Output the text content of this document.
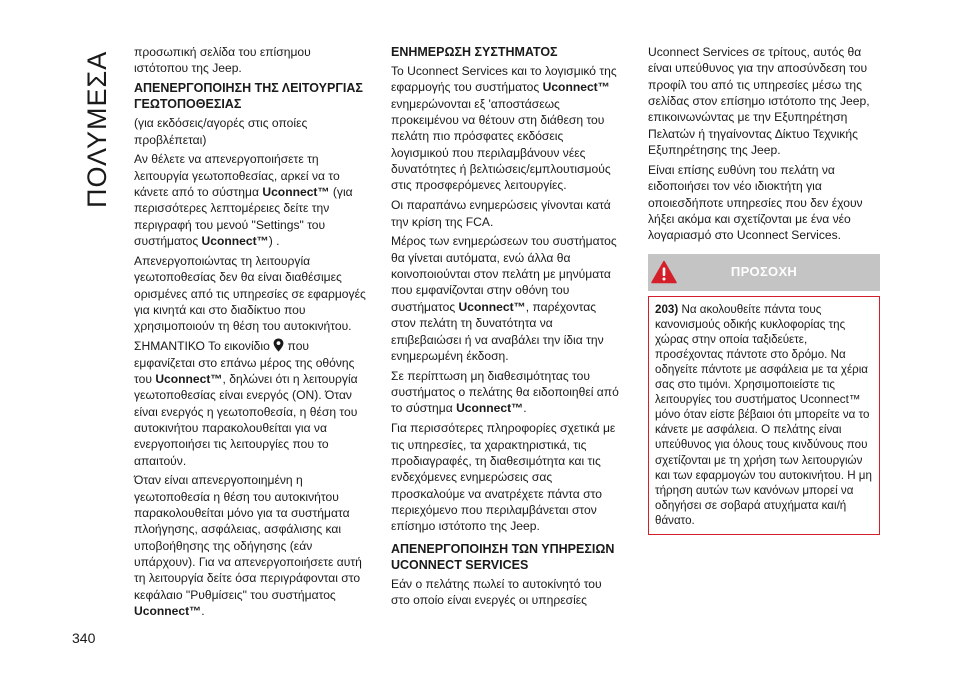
ΠΟΛΥΜΕΣΑ
340

προσωπική σελίδα του επίσημου ιστότοπου της Jeep.

ΑΠΕΝΕΡΓΟΠΟΙΗΣΗ ΤΗΣ ΛΕΙΤΟΥΡΓΙΑΣ ΓΕΩΤΟΠΟΘΕΣΙΑΣ

(για εκδόσεις/αγορές στις οποίες προβλέπεται)

Αν θέλετε να απενεργοποιήσετε τη λειτουργία γεωτοποθεσίας, αρκεί να το κάνετε από το σύστημα Uconnect™ (για περισσότερες λεπτομέρειες δείτε την περιγραφή του μενού "Settings" του συστήματος Uconnect™) .

Απενεργοποιώντας τη λειτουργία γεωτοποθεσίας δεν θα είναι διαθέσιμες ορισμένες από τις υπηρεσίες σε εφαρμογές για κινητά και στο διαδίκτυο που χρησιμοποιούν τη θέση του αυτοκινήτου.

ΣΗΜΑΝΤΙΚΟ Το εικονίδιο  που εμφανίζεται στο επάνω μέρος της οθόνης του Uconnect™, δηλώνει ότι η λειτουργία γεωτοποθεσίας είναι ενεργός (ΟΝ). Όταν είναι ενεργός η γεωτοποθεσία, η θέση του αυτοκινήτου παρακολουθείται για να ενεργοποιήσει τις λειτουργίες που το απαιτούν.

Όταν είναι απενεργοποιημένη η γεωτοποθεσία η θέση του αυτοκινήτου παρακολουθείται μόνο για τα συστήματα πλοήγησης, ασφάλειας, ασφάλισης και υποβοήθησης της οδήγησης (εάν υπάρχουν). Για να απενεργοποιήσετε αυτή τη λειτουργία δείτε όσα περιγράφονται στο κεφάλαιο "Ρυθμίσεις" του συστήματος Uconnect™.

ΕΝΗΜΕΡΩΣΗ ΣΥΣΤΗΜΑΤΟΣ

Το Uconnect Services και το λογισμικό της εφαρμογής του συστήματος Uconnect™ ενημερώνονται εξ 'αποστάσεως προκειμένου να θέτουν στη διάθεση του πελάτη πιο πρόσφατες εκδόσεις λογισμικού που περιλαμβάνουν νέες δυνατότητες ή βελτιώσεις/εμπλουτισμούς στις προσφερόμενες λειτουργίες.

Οι παραπάνω ενημερώσεις γίνονται κατά την κρίση της FCA.

Μέρος των ενημερώσεων του συστήματος θα γίνεται αυτόματα, ενώ άλλα θα κοινοποιούνται στον πελάτη με μηνύματα που εμφανίζονται στην οθόνη του συστήματος Uconnect™, παρέχοντας στον πελάτη τη δυνατότητα να επιβεβαιώσει ή να αναβάλει την ίδια την ενημερωμένη έκδοση.

Σε περίπτωση μη διαθεσιμότητας του συστήματος ο πελάτης θα ειδοποιηθεί από το σύστημα Uconnect™.

Για περισσότερες πληροφορίες σχετικά με τις υπηρεσίες, τα χαρακτηριστικά, τις προδιαγραφές, τη διαθεσιμότητα και τις ενδεχόμενες ενημερώσεις σας προσκαλούμε να ανατρέχετε πάντα στο περιεχόμενο που περιλαμβάνεται στον επίσημο ιστότοπο της Jeep.

ΑΠΕΝΕΡΓΟΠΟΙΗΣΗ ΤΩΝ ΥΠΗΡΕΣΙΩΝ UCONNECT SERVICES

Εάν ο πελάτης πωλεί το αυτοκίνητό του στο οποίο είναι ενεργές οι υπηρεσίες

Uconnect Services σε τρίτους, αυτός θα είναι υπεύθυνος για την αποσύνδεση του προφίλ του από τις υπηρεσίες μέσω της σελίδας στον επίσημο ιστότοπο της Jeep, επικοινωνώντας με την Εξυπηρέτηση Πελατών ή τηγαίνοντας Δίκτυο Τεχνικής Εξυπηρέτησης της Jeep.

Είναι επίσης ευθύνη του πελάτη να ειδοποιήσει τον νέο ιδιοκτήτη για οποιεσδήποτε υπηρεσίες που δεν έχουν λήξει ακόμα και σχετίζονται με ένα νέο λογαριασμό στο Uconnect Services.

ΠΡΟΣΟΧΗ
203) Να ακολουθείτε πάντα τους κανονισμούς οδικής κυκλοφορίας της χώρας στην οποία ταξιδεύετε, προσέχοντας πάντοτε στο δρόμο. Να οδηγείτε πάντοτε με ασφάλεια με τα χέρια σας στο τιμόνι. Χρησιμοποιείστε τις λειτουργίες του συστήματος Uconnect™ μόνο όταν είστε βέβαιοι ότι μπορείτε να το κάνετε με ασφάλεια. Ο πελάτης είναι υπεύθυνος για όλους τους κινδύνους που σχετίζονται με τη χρήση των λειτουργιών και των εφαρμογών του αυτοκινήτου. Η μη τήρηση αυτών των κανόνων μπορεί να οδηγήσει σε σοβαρά ατυχήματα και/ή θάνατο.
